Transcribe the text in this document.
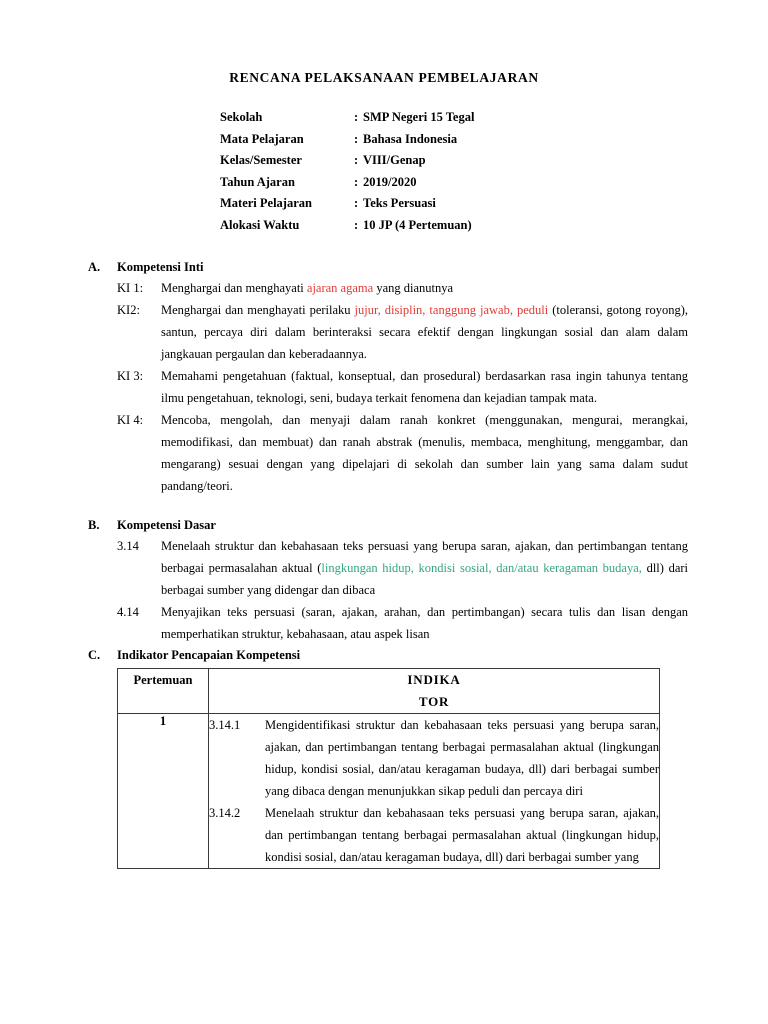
RENCANA PELAKSANAAN PEMBELAJARAN
Sekolah	: SMP Negeri 15 Tegal
Mata Pelajaran	: Bahasa Indonesia
Kelas/Semester	: VIII/Genap
Tahun Ajaran	: 2019/2020
Materi Pelajaran	: Teks Persuasi
Alokasi Waktu	: 10 JP (4 Pertemuan)
A.	Kompetensi Inti
KI 1:	Menghargai dan menghayati ajaran agama yang dianutnya
KI2:	Menghargai dan menghayati perilaku jujur, disiplin, tanggung jawab, peduli (toleransi, gotong royong), santun, percaya diri dalam berinteraksi secara efektif dengan lingkungan sosial dan alam dalam jangkauan pergaulan dan keberadaannya.
KI 3:	Memahami pengetahuan (faktual, konseptual, dan prosedural) berdasarkan rasa ingin tahunya tentang ilmu pengetahuan, teknologi, seni, budaya terkait fenomena dan kejadian tampak mata.
KI 4:	Mencoba, mengolah, dan menyaji dalam ranah konkret (menggunakan, mengurai, merangkai, memodifikasi, dan membuat) dan ranah abstrak (menulis, membaca, menghitung, menggambar, dan mengarang) sesuai dengan yang dipelajari di sekolah dan sumber lain yang sama dalam sudut pandang/teori.
B.	Kompetensi Dasar
3.14	Menelaah struktur dan kebahasaan teks persuasi yang berupa saran, ajakan, dan pertimbangan tentang berbagai permasalahan aktual (lingkungan hidup, kondisi sosial, dan/atau keragaman budaya, dll) dari berbagai sumber yang didengar dan dibaca
4.14	Menyajikan teks persuasi (saran, ajakan, arahan, dan pertimbangan) secara tulis dan lisan dengan memperhatikan struktur, kebahasaan, atau aspek lisan
C.	Indikator Pencapaian Kompetensi
Pertemuan	INDIKATOR

1	3.14.1 Mengidentifikasi struktur dan kebahasaan teks persuasi yang berupa saran, ajakan, dan pertimbangan tentang berbagai permasalahan aktual (lingkungan hidup, kondisi sosial, dan/atau keragaman budaya, dll) dari berbagai sumber yang dibaca dengan menunjukkan sikap peduli dan percaya diri
3.14.2 Menelaah struktur dan kebahasaan teks persuasi yang berupa saran, ajakan, dan pertimbangan tentang berbagai permasalahan aktual (lingkungan hidup, kondisi sosial, dan/atau keragaman budaya, dll) dari berbagai sumber yang
